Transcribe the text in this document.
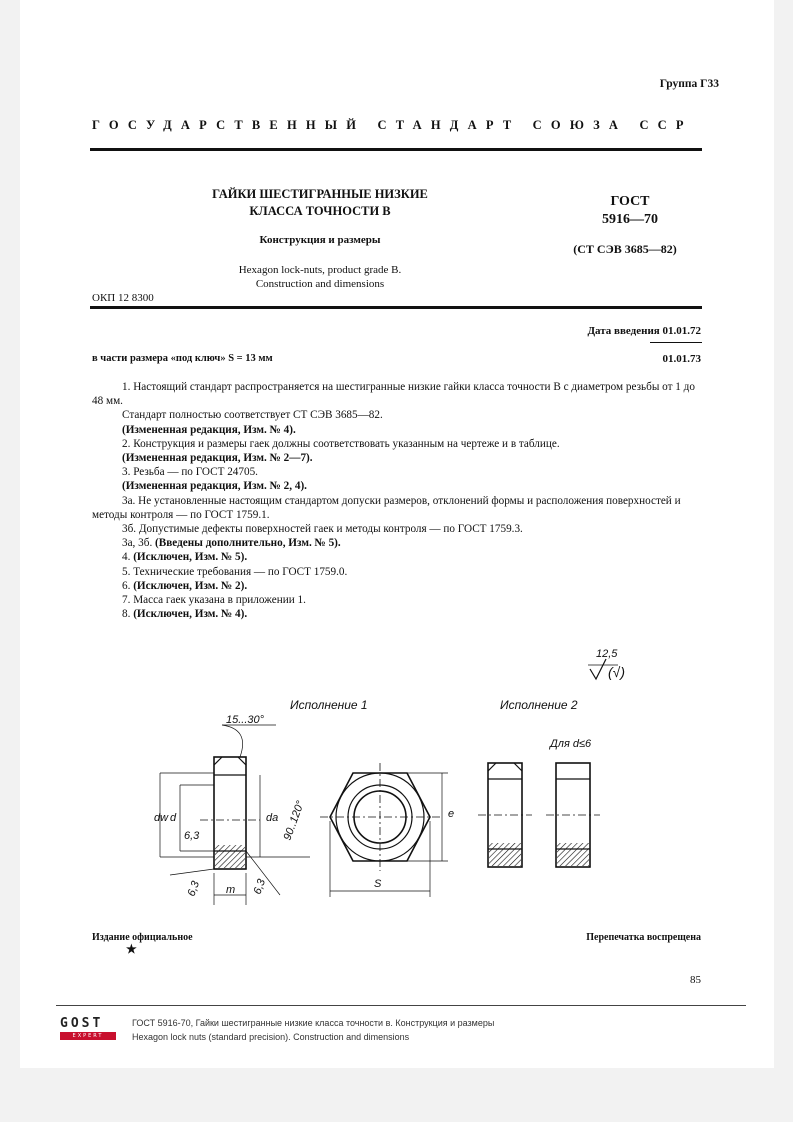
Группа Г33
ГОСУДАРСТВЕННЫЙ СТАНДАРТ СОЮЗА ССР
ГАЙКИ ШЕСТИГРАННЫЕ НИЗКИЕ
КЛАССА ТОЧНОСТИ В
Конструкция и размеры
Hexagon lock-nuts, product grade B.
Construction and dimensions
ГОСТ
5916—70
(СТ СЭВ 3685—82)
ОКП 12 8300
Дата введения 01.01.72
в части размера «под ключ» S = 13 мм	01.01.73

1. Настоящий стандарт распространяется на шестигранные низкие гайки класса точности В с диаметром резьбы от 1 до 48 мм.

Стандарт полностью соответствует СТ СЭВ 3685—82.

(Измененная редакция, Изм. № 4).

2. Конструкция и размеры гаек должны соответствовать указанным на чертеже и в таблице.

(Измененная редакция, Изм. № 2—7).

3. Резьба — по ГОСТ 24705.

(Измененная редакция, Изм. № 2, 4).

3а. Не установленные настоящим стандартом допуски размеров, отклонений формы и расположения поверхностей и методы контроля — по ГОСТ 1759.1.

3б. Допустимые дефекты поверхностей гаек и методы контроля — по ГОСТ 1759.3.

3а, 3б. (Введены дополнительно, Изм. № 5).

4. (Исключен, Изм. № 5).

5. Технические требования — по ГОСТ 1759.0.

6. (Исключен, Изм. № 2).

7. Масса гаек указана в приложении 1.

8. (Исключен, Изм. № 4).

12,5
(√)
Исполнение 1	Исполнение 2
Для d≤6
15...30°
dw d	da 90..120°	e
S
m
6,3
6,3	6,3
Издание официальное
★
Перепечатка воспрещена
85
GOST
EXPERT
ГОСТ 5916-70, Гайки шестигранные низкие класса точности в. Конструкция и размеры
Hexagon lock nuts (standard precision). Construction and dimensions
